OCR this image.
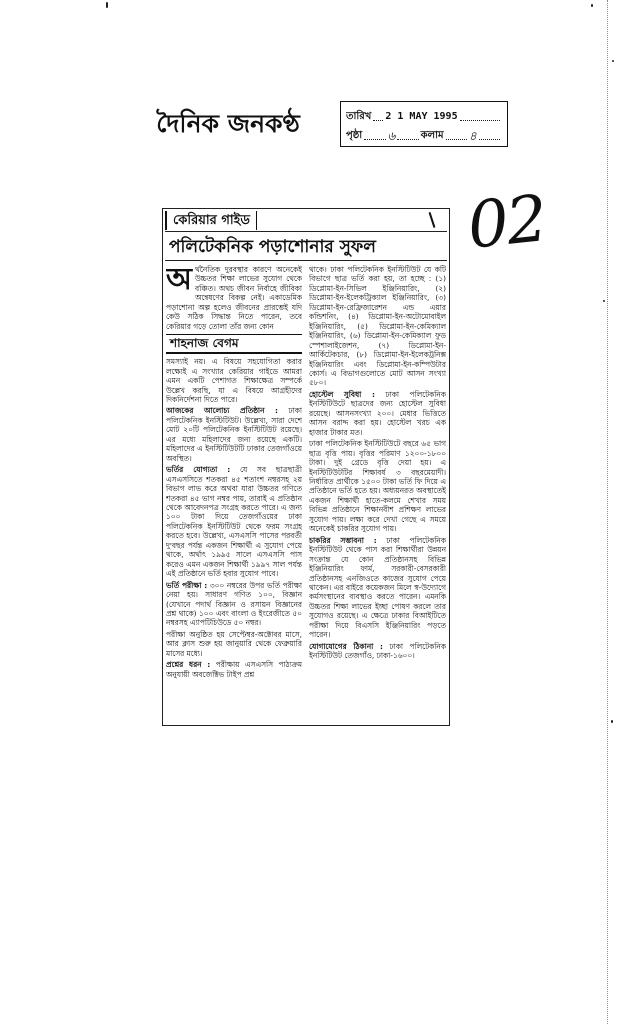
দৈনিক জনকণ্ঠ	তারিখ 2 1 MAY 1995
পৃষ্ঠা ৬	কলাম ৪
02
কেরিয়ার গাইড
পলিটেকনিক পড়াশোনার সুফল

অর্থনৈতিক দুরবস্থার কারণে অনেকেই উচ্চতর শিক্ষা লাভের সুযোগ থেকে বঞ্চিত। অথচ জীবন নির্বাহে জীবিকা অন্বেষণের বিকল্প নেই। একাডেমিক পড়াশোনা অল্প হলেও জীবনের প্রারম্ভেই যদি কেউ সঠিক সিদ্ধান্ত নিতে পারেন, তবে কেরিয়ার গড়ে তোলা তাঁর জন্য কোন

শাহনাজ বেগম

সমস্যাই নয়। এ বিষয়ে সহযোগিতা করার লক্ষ্যেই এ সংখ্যার কেরিয়ার গাইডে আমরা এমন একটি পেশাগত শিক্ষাক্ষেত্র সম্পর্কে উল্লেখ করছি, যা এ বিষয়ে আগ্রহীদের দিকনির্দেশনা দিতে পারে।

আজকের আলোচ্য প্রতিষ্ঠান : ঢাকা পলিটেকনিক ইনস্টিটিউট। উল্লেখ্য, সারা দেশে মোট ২০টি পলিটেকনিক ইনস্টিটিউট রয়েছে। এর মধ্যে মহিলাদের জন্য রয়েছে একটি। মহিলাদের এ ইনস্টিটিউটটি ঢাকার তেজগাঁওয়ে অবস্থিত।

ভর্তির যোগ্যতা : যে সব ছাত্রছাত্রী এসএসসিতে শতকরা ৪৫ শতাংশ নম্বরসহ ২য় বিভাগ লাভ করে অথবা যারা উচ্চতর গণিতে শতকরা ৪৫ ভাগ নম্বর পায়, তারাই এ প্রতিষ্ঠান থেকে আবেদনপত্র সংগ্রহ করতে পারে। এ জন্য ১০০ টাকা দিয়ে তেজগাঁওয়ের ঢাকা পলিটেকনিক ইনস্টিটিউট থেকে ফরম সংগ্রহ করতে হবে। উল্লেখ্য, এসএসসি পাসের পরবর্তী দু'বছর পর্যন্ত একজন শিক্ষার্থী এ সুযোগ পেয়ে থাকে, অর্থাৎ ১৯৯৫ সালে এসএসসি পাস করেও এমন একজন শিক্ষার্থী ১৯৯৭ সাল পর্যন্ত এই প্রতিষ্ঠানে ভর্তি হবার সুযোগ পাবে।

ভর্তি পরীক্ষা : ৩০০ নম্বরের উপর ভর্তি পরীক্ষা নেয়া হয়। সাধারণ গণিত ১০০, বিজ্ঞান (যেখানে পদার্থ বিজ্ঞান ও রসায়ন বিজ্ঞানের প্রশ্ন থাকে) ১০০ এবং বাংলা ও ইংরেজীতে ৫০ নম্বরসহ এ্যাপটিচিউডে ৫০ নম্বর।

পরীক্ষা অনুষ্ঠিত হয় সেপ্টেম্বর-অক্টোবর মাসে, আর ক্লাস শুরু হয় জানুয়ারি থেকে ফেব্রুয়ারি মাসের মধ্যে।

প্রশ্নের ধরন : পরীক্ষায় এসএসসি পাঠ্যক্রম অনুযায়ী অবজেক্টিভ টাইপ প্রশ্ন

থাকে। ঢাকা পলিটেকনিক ইনস্টিটিউট যে কটি বিভাগে ছাত্র ভর্তি করা হয়, তা হচ্ছে : (১) ডিপ্লোমা-ইন-সিভিল ইঞ্জিনিয়ারিং, (২) ডিপ্লোমা-ইন-ইলেকট্রিক্যাল ইঞ্জিনিয়ারিং, (৩) ডিপ্লোমা-ইন-রেফ্রিজারেশন এন্ড এয়ার কন্ডিশনিং, (৪) ডিপ্লোমা-ইন-অটোমোবাইল ইঞ্জিনিয়ারিং, (৫) ডিপ্লোমা-ইন-কেমিক্যাল ইঞ্জিনিয়ারিং, (৬) ডিপ্লোমা-ইন-কেমিক্যাল ফুড স্পেশালাইজেশন, (৭) ডিপ্লোমা-ইন-আর্কিটেকচার, (৮) ডিপ্লোমা-ইন-ইলেকট্রনিক্স ইঞ্জিনিয়ারিং এবং ডিপ্লোমা-ইন-কম্পিউটার কোর্স। এ বিভাগগুলোতে মোট আসন সংখ্যা ৫৮০।

হোস্টেল সুবিধা : ঢাকা পলিটেকনিক ইনস্টিটিউটে ছাত্রদের জন্য হোস্টেল সুবিধা রয়েছে। আসনসংখ্যা ২০০। মেধার ভিত্তিতে আসন বরাদ্দ করা হয়। হোস্টেল খরচ এক হাজার টাকার মত।

ঢাকা পলিটেকনিক ইনস্টিটিউটে বছরে ৬৫ ভাগ ছাত্র বৃত্তি পায়। বৃত্তির পরিমাণ ১২০০-১৮০০ টাকা। দুই গ্রেডে বৃত্তি দেয়া হয়। এ ইনস্টিটিউটটির শিক্ষাবর্ষ ৩ বছরমেয়াদী। নির্ধারিত প্রার্থীকে ১৫০০ টাকা ভর্তি ফি দিয়ে এ প্রতিষ্ঠানে ভর্তি হতে হয়। অধ্যয়নরত অবস্থাতেই একজন শিক্ষার্থী হাতে-কলমে শেখার সময় বিভিন্ন প্রতিষ্ঠানে শিক্ষানবীশ প্রশিক্ষণ লাভের সুযোগ পায়। লক্ষ্য করে দেখা গেছে এ সময়ে অনেকেই চাকরির সুযোগ পায়।

চাকরির সম্ভাবনা : ঢাকা পলিটেকনিক ইনস্টিটিউট থেকে পাস করা শিক্ষার্থীরা উন্নয়ন সংক্রান্ত যে কোন প্রতিষ্ঠানসহ বিভিন্ন ইঞ্জিনিয়ারিং ফার্ম, সরকারী-বেসরকারী প্রতিষ্ঠানসহ এনজিওতে কাজের সুযোগ পেয়ে থাকেন। এর বাইরে কয়েকজন মিলে স্ব-উদ্যোগে কর্মসংস্থানের ব্যবস্থাও করতে পারেন। এমনকি উচ্চতর শিক্ষা লাভের ইচ্ছা পোষণ করলে তার সুযোগও রয়েছে। এ ক্ষেত্রে ঢাকার বিআইটিতে পরীক্ষা দিয়ে বিএসসি ইঞ্জিনিয়ারিং পড়তে পারেন।

যোগাযোগের ঠিকানা : ঢাকা পলিটেকনিক ইনস্টিটিউট তেজগাঁও, ঢাকা-১৬০০।
